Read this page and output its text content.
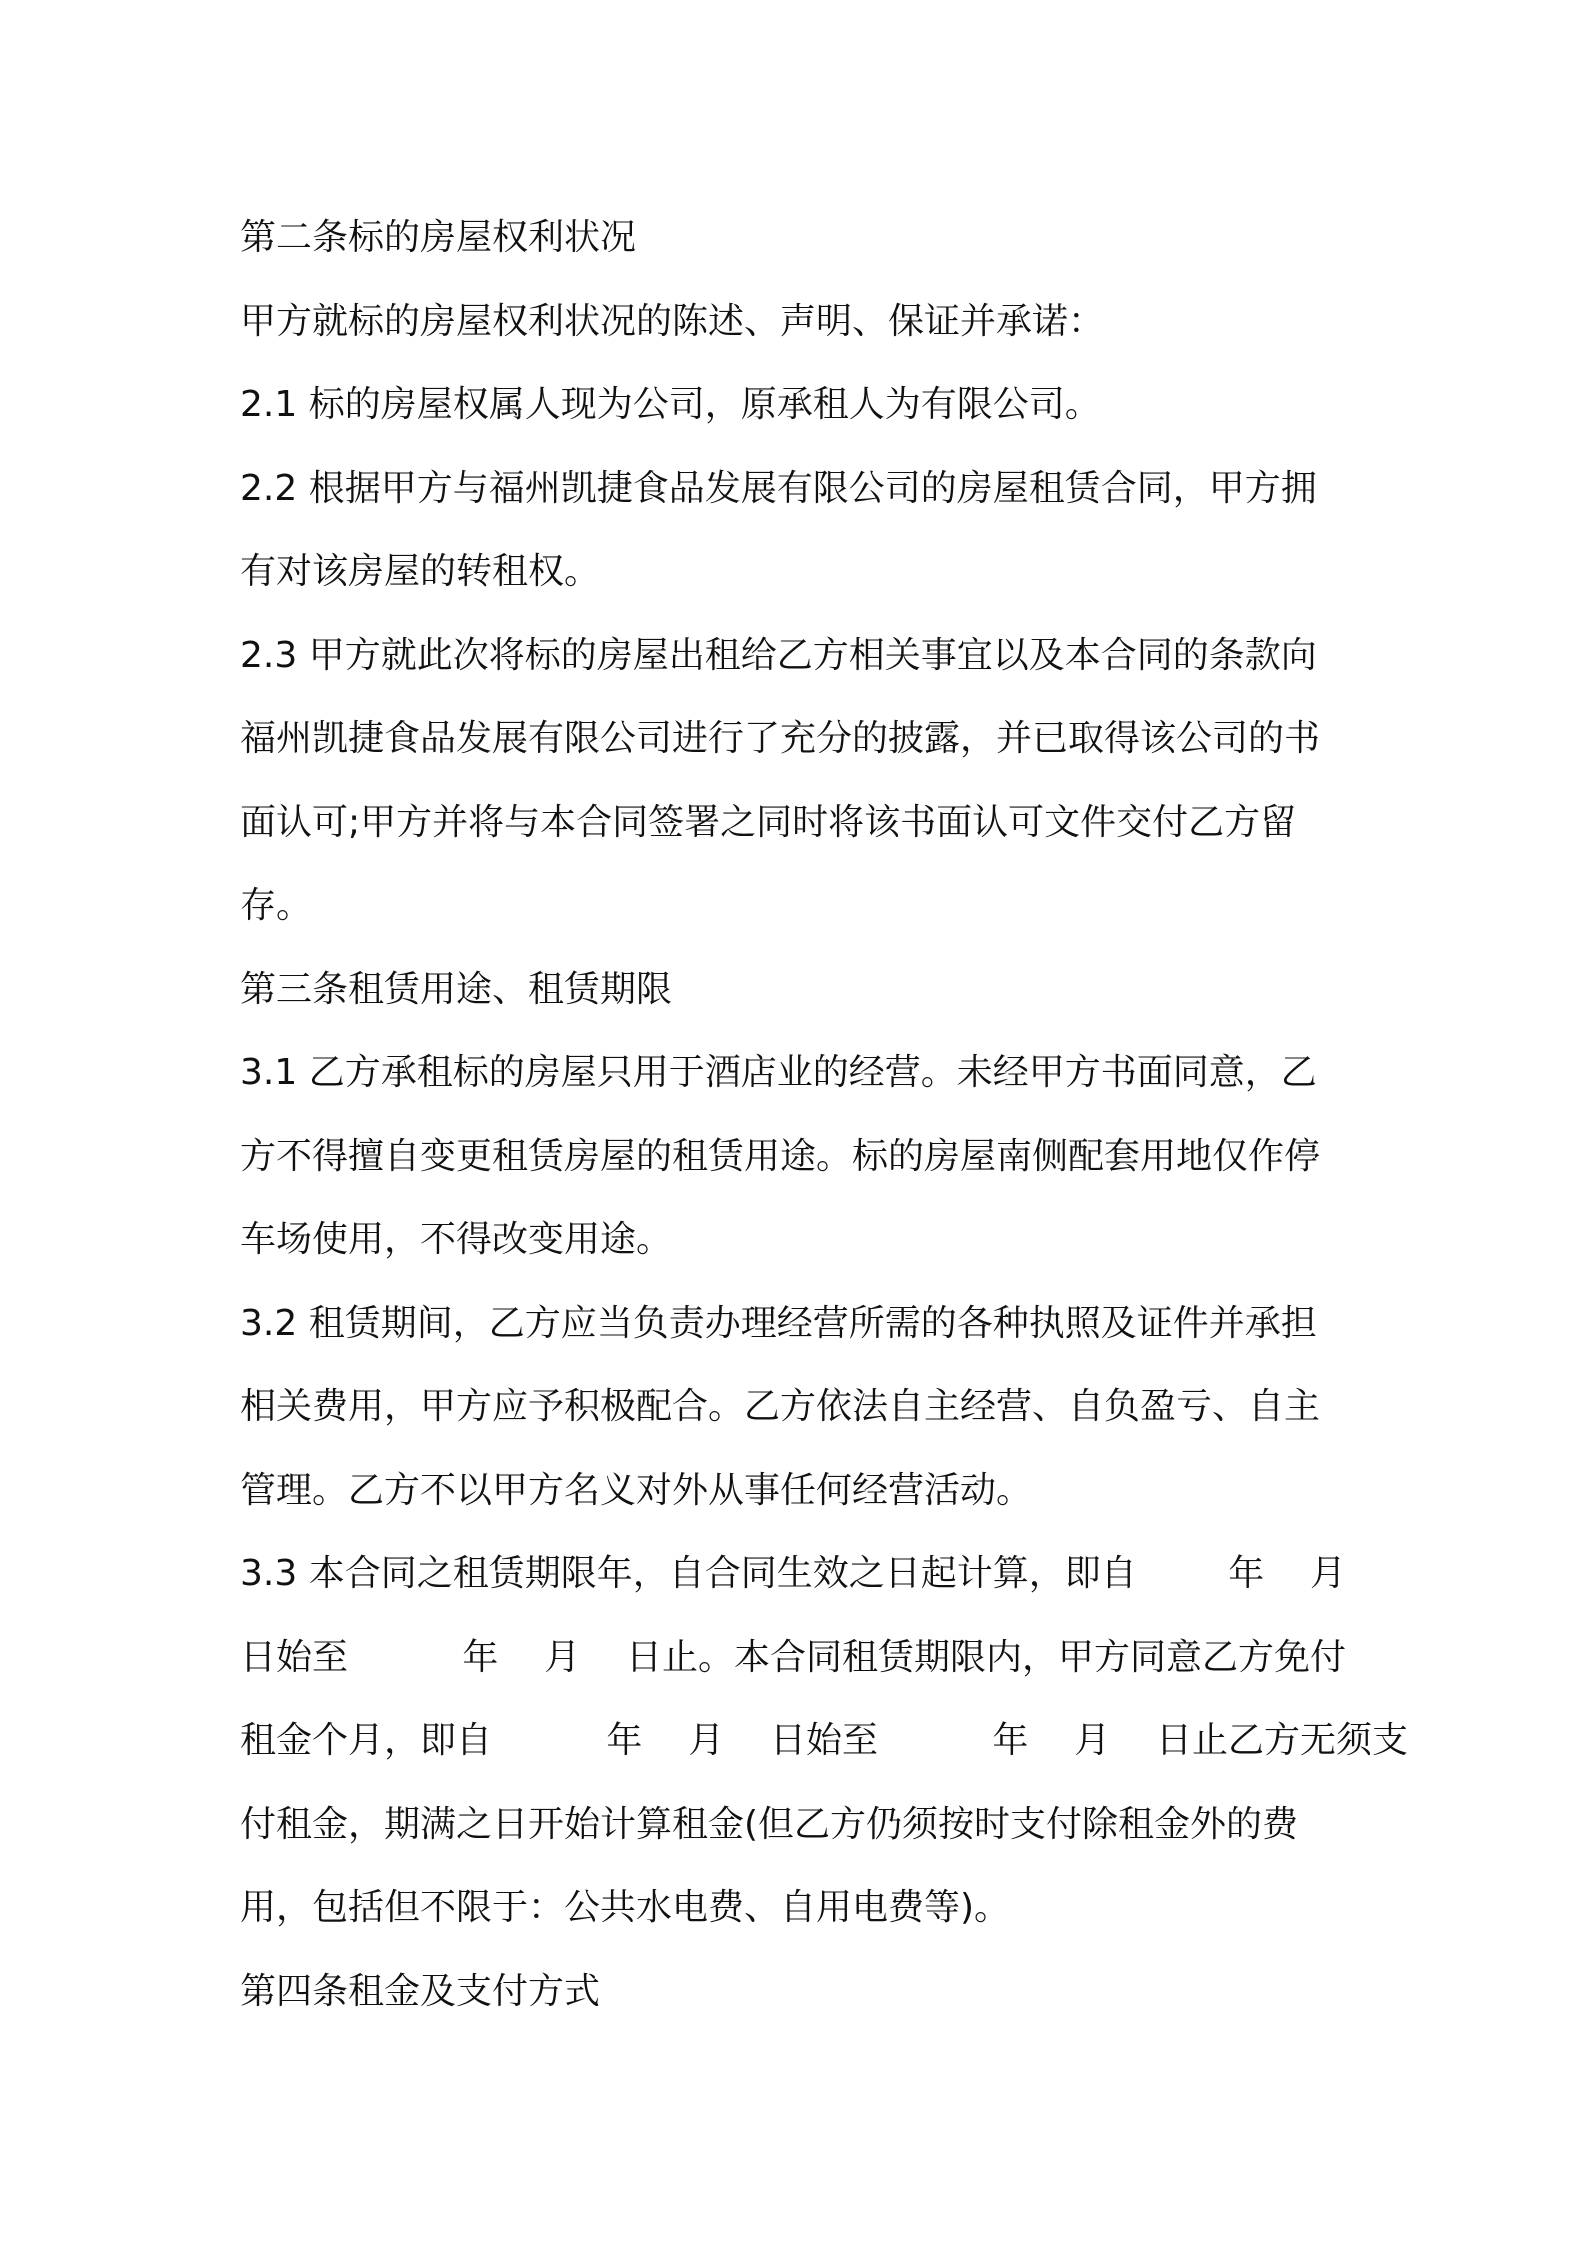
第二条标的房屋权利状况
甲方就标的房屋权利状况的陈述、声明、保证并承诺：
2.1 标的房屋权属人现为公司，原承租人为有限公司。
2.2 根据甲方与福州凯捷食品发展有限公司的房屋租赁合同，甲方拥
有对该房屋的转租权。
2.3 甲方就此次将标的房屋出租给乙方相关事宜以及本合同的条款向
福州凯捷食品发展有限公司进行了充分的披露，并已取得该公司的书
面认可;甲方并将与本合同签署之同时将该书面认可文件交付乙方留
存。
第三条租赁用途、租赁期限
3.1 乙方承租标的房屋只用于酒店业的经营。未经甲方书面同意，乙
方不得擅自变更租赁房屋的租赁用途。标的房屋南侧配套用地仅作停
车场使用，不得改变用途。
3.2 租赁期间，乙方应当负责办理经营所需的各种执照及证件并承担
相关费用，甲方应予积极配合。乙方依法自主经营、自负盈亏、自主
管理。乙方不以甲方名义对外从事任何经营活动。
3.3 本合同之租赁期限年，自合同生效之日起计算，即自        年    月
日始至          年    月    日止。本合同租赁期限内，甲方同意乙方免付
租金个月，即自          年    月    日始至          年    月    日止乙方无须支
付租金，期满之日开始计算租金(但乙方仍须按时支付除租金外的费
用，包括但不限于：公共水电费、自用电费等)。
第四条租金及支付方式
